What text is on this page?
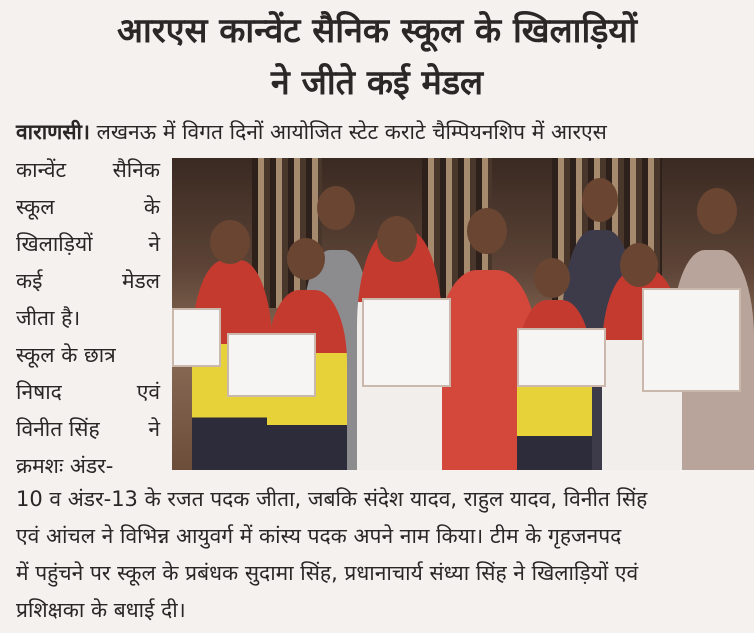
आरएस कान्वेंट सैनिक स्कूल के खिलाड़ियों
ने जीते कई मेडल
वाराणसी। लखनऊ में विगत दिनों आयोजित स्टेट कराटे चैम्पियनशिप में आरएस
कान्वेंट सैनिक
स्कूल	के
खिलाड़ियों	ने
कई	मेडल
जीता है।
स्कूल के छात्र
निषाद	एवं
विनीत सिंह ने
क्रमशः अंडर-
10 व अंडर-13 के रजत पदक जीता, जबकि संदेश यादव, राहुल यादव, विनीत सिंह
एवं आंचल ने विभिन्न आयुवर्ग में कांस्य पदक अपने नाम किया। टीम के गृहजनपद
में पहुंचने पर स्कूल के प्रबंधक सुदामा सिंह, प्रधानाचार्य संध्या सिंह ने खिलाड़ियों एवं
प्रशिक्षका के बधाई दी।
